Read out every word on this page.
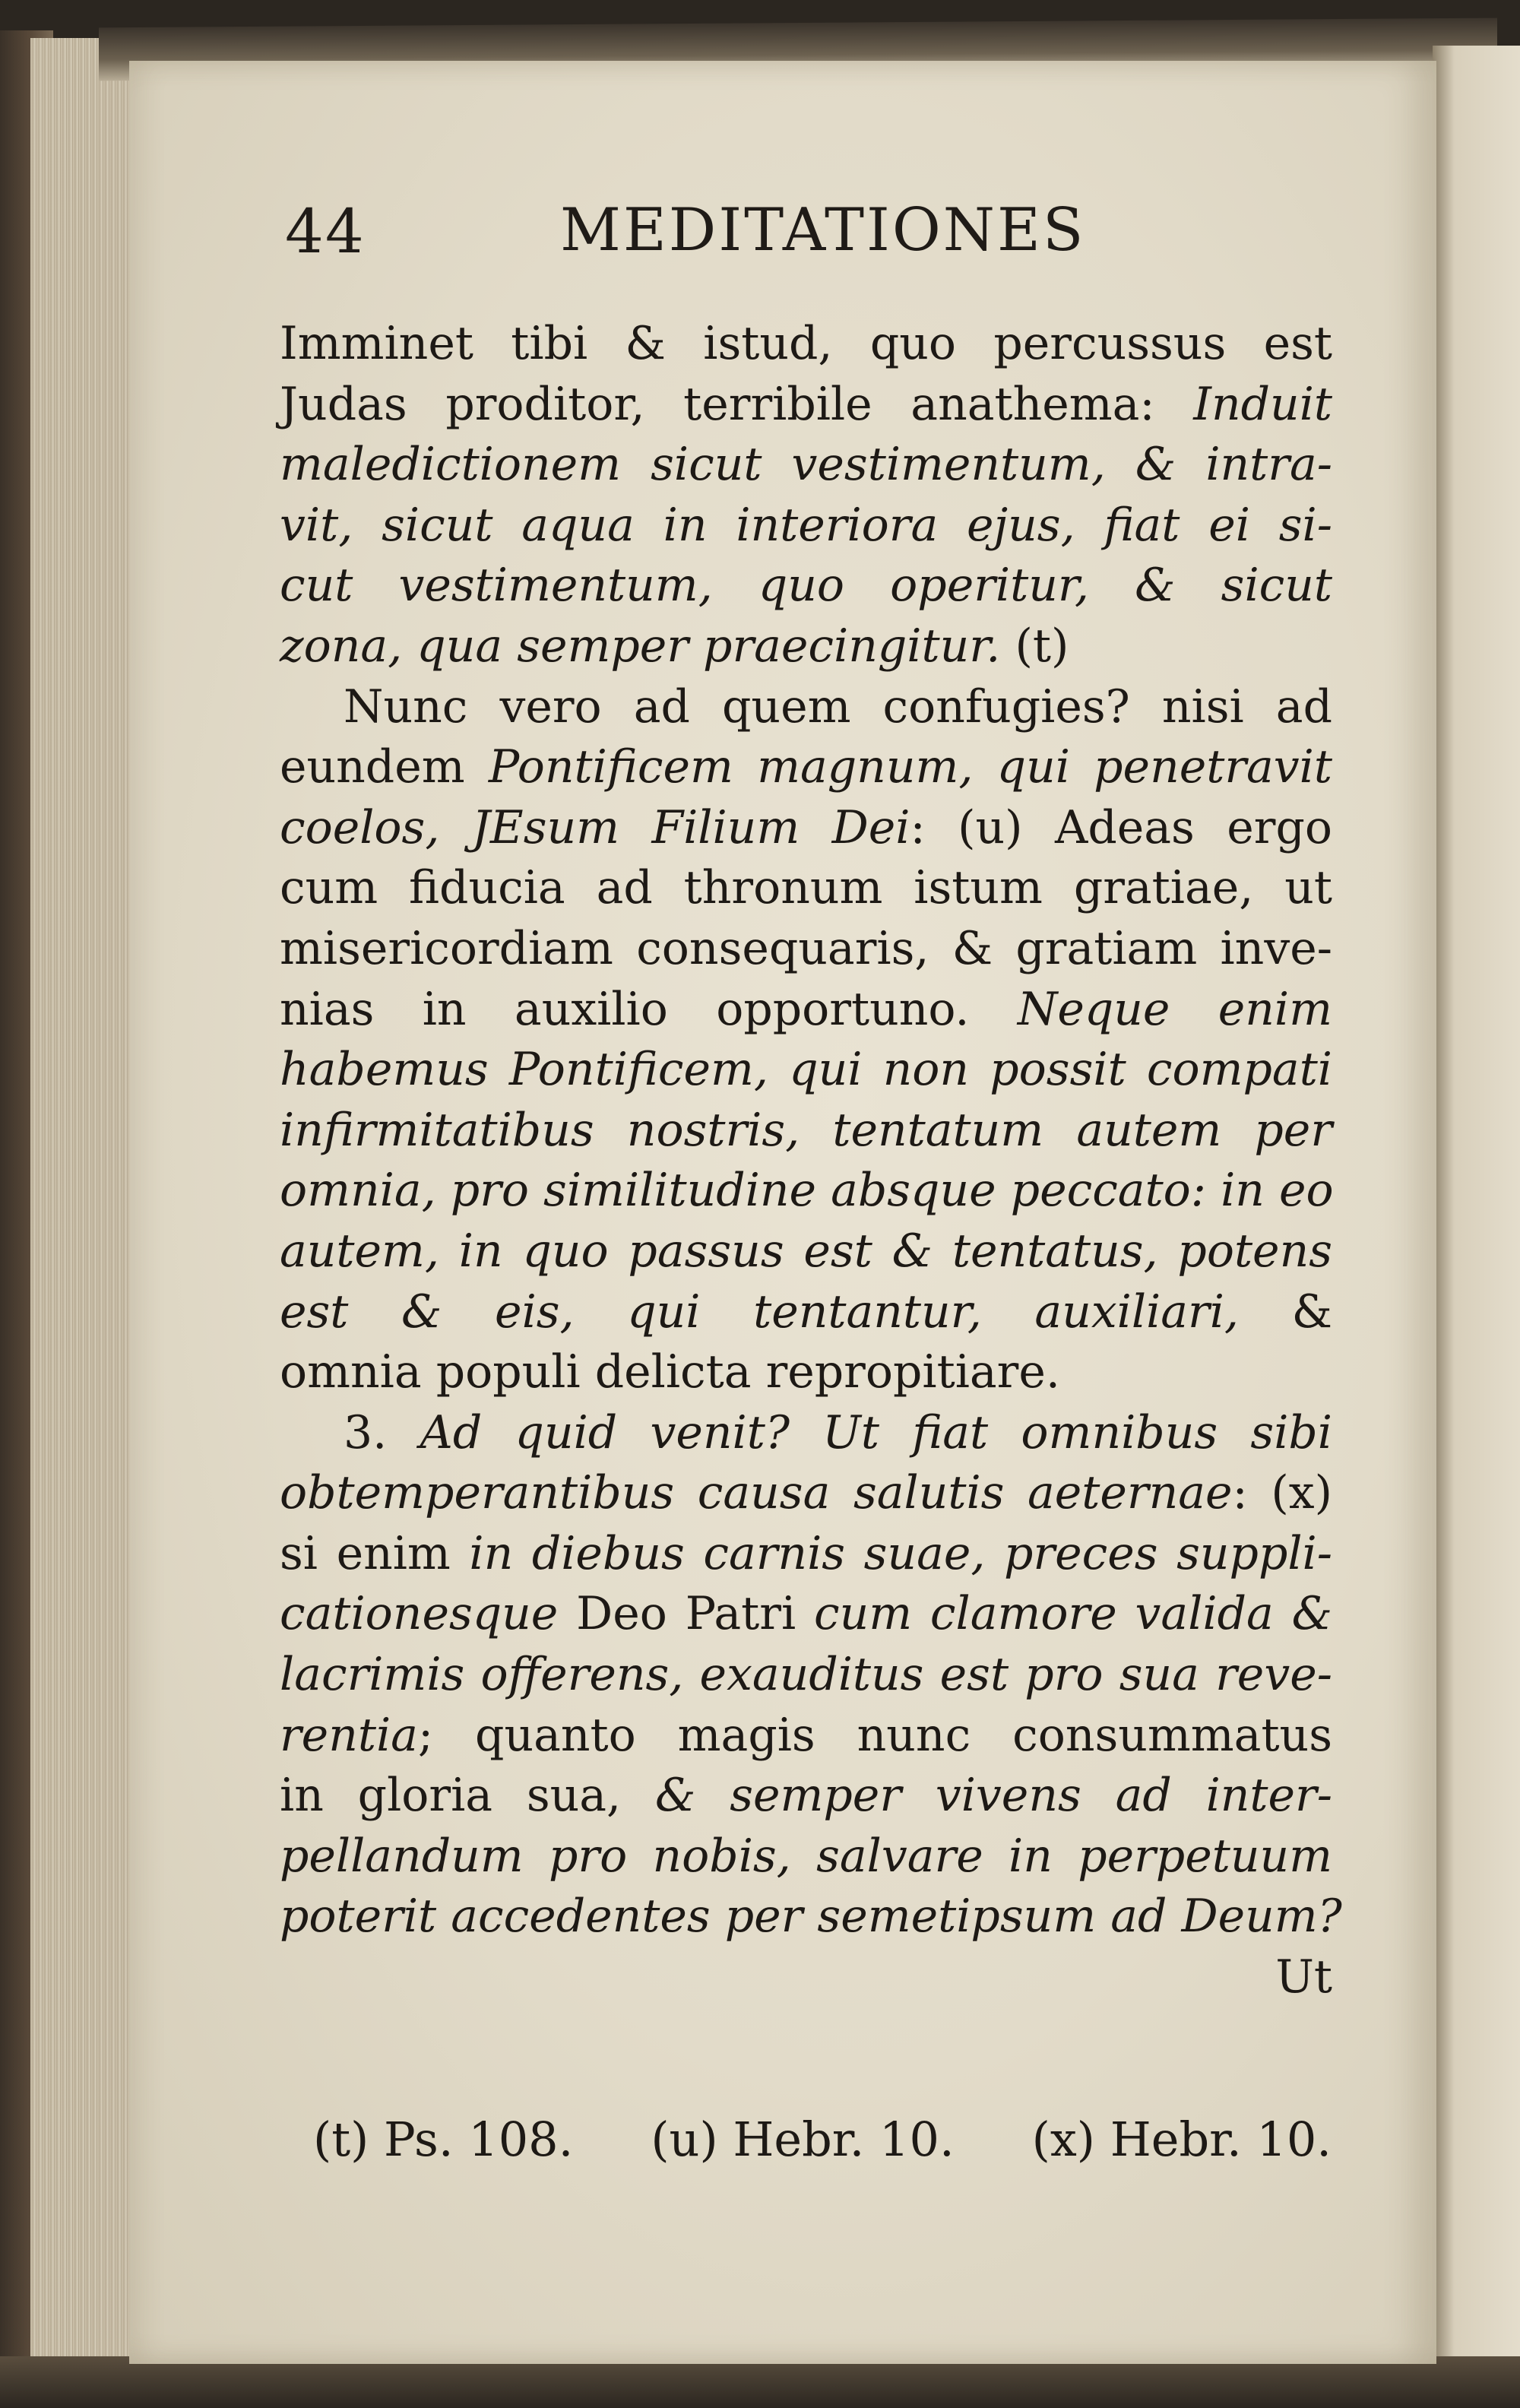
44	MEDITATIONES
Imminet tibi & istud, quo percussus est
Judas proditor, terribile anathema: Induit
maledictionem sicut vestimentum, & intra-
vit, sicut aqua in interiora ejus, fiat ei si-
cut vestimentum, quo operitur, & sicut
zona, qua semper praecingitur. (t)
Nunc vero ad quem confugies? nisi ad
eundem Pontificem magnum, qui penetravit
coelos, JEsum Filium Dei: (u) Adeas ergo
cum fiducia ad thronum istum gratiae, ut
misericordiam consequaris, & gratiam inve-
nias in auxilio opportuno. Neque enim
habemus Pontificem, qui non possit compati
infirmitatibus nostris, tentatum autem per
omnia, pro similitudine absque peccato: in eo
autem, in quo passus est & tentatus, potens
est & eis, qui tentantur, auxiliari, &
omnia populi delicta repropitiare.
3. Ad quid venit? Ut fiat omnibus sibi
obtemperantibus causa salutis aeternae: (x)
si enim in diebus carnis suae, preces suppli-
cationesque Deo Patri cum clamore valida &
lacrimis offerens, exauditus est pro sua reve-
rentia; quanto magis nunc consummatus
in gloria sua, & semper vivens ad inter-
pellandum pro nobis, salvare in perpetuum
poterit accedentes per semetipsum ad Deum?
Ut
(t) Ps. 108. (u) Hebr. 10. (x) Hebr. 10.
